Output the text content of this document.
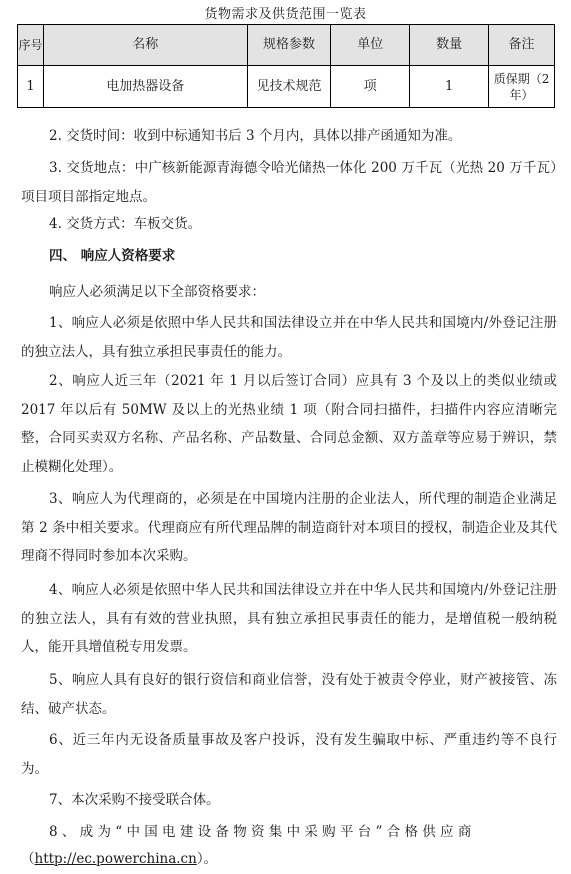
货物需求及供货范围一览表
序号	名称	规格参数	单位	数量	备注
1	电加热器设备	见技术规范	项	1	质保期（2年）

2. 交货时间：收到中标通知书后 3 个月内，具体以排产函通知为准。

3. 交货地点：中广核新能源青海德令哈光储热一体化 200 万千瓦（光热 20 万千瓦）项目项目部指定地点。

4. 交货方式：车板交货。

四、 响应人资格要求

响应人必须满足以下全部资格要求：

1、响应人必须是依照中华人民共和国法律设立并在中华人民共和国境内/外登记注册的独立法人，具有独立承担民事责任的能力。

2、响应人近三年（2021 年 1 月以后签订合同）应具有 3 个及以上的类似业绩或 2017 年以后有 50MW 及以上的光热业绩 1 项（附合同扫描件，扫描件内容应清晰完整，合同买卖双方名称、产品名称、产品数量、合同总金额、双方盖章等应易于辨识，禁止模糊化处理）。

3、响应人为代理商的，必须是在中国境内注册的企业法人，所代理的制造企业满足第 2 条中相关要求。代理商应有所代理品牌的制造商针对本项目的授权，制造企业及其代理商不得同时参加本次采购。

4、响应人必须是依照中华人民共和国法律设立并在中华人民共和国境内/外登记注册的独立法人，具有有效的营业执照，具有独立承担民事责任的能力，是增值税一般纳税人，能开具增值税专用发票。

5、响应人具有良好的银行资信和商业信誉，没有处于被责令停业，财产被接管、冻结、破产状态。

6、近三年内无设备质量事故及客户投诉，没有发生骗取中标、严重违约等不良行为。

7、本次采购不接受联合体。

8 、 成 为 “ 中 国 电 建 设 备 物 资 集 中 采 购 平 台 ” 合 格 供 应 商

（http://ec.powerchina.cn）。
